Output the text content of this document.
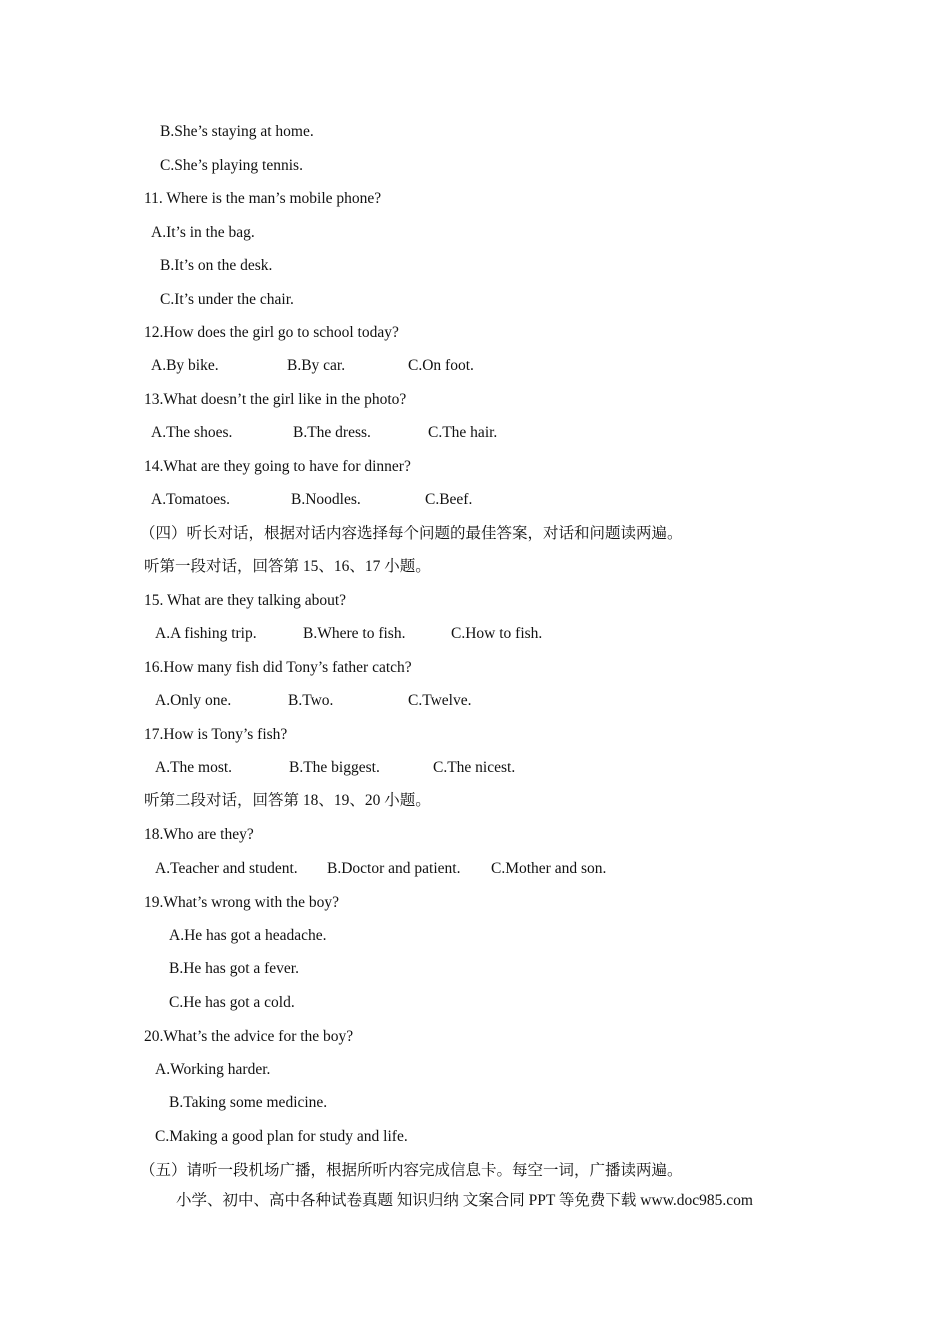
B.She’s staying at home.
C.She’s playing tennis.
11. Where is the man’s mobile phone?
A.It’s in the bag.
B.It’s on the desk.
C.It’s under the chair.
12.How does the girl go to school today?
A.By bike.	B.By car.	C.On foot.
13.What doesn’t the girl like in the photo?
A.The shoes.	B.The dress.	C.The hair.
14.What are they going to have for dinner?
A.Tomatoes.	B.Noodles.	C.Beef.
（四）听长对话，根据对话内容选择每个问题的最佳答案，对话和问题读两遍。
听第一段对话，回答第 15、16、17 小题。
15. What are they talking about?
A.A fishing trip.	B.Where to fish.	C.How to fish.
16.How many fish did Tony’s father catch?
A.Only one.	B.Two.	C.Twelve.
17.How is Tony’s fish?
A.The most.	B.The biggest.	C.The nicest.
听第二段对话，回答第 18、19、20 小题。
18.Who are they?
A.Teacher and student. B.Doctor and patient. C.Mother and son.
19.What’s wrong with the boy?
A.He has got a headache.
B.He has got a fever.
C.He has got a cold.
20.What’s the advice for the boy?
A.Working harder.
B.Taking some medicine.
C.Making a good plan for study and life.
（五）请听一段机场广播，根据所听内容完成信息卡。每空一词，广播读两遍。
小学、初中、高中各种试卷真题 知识归纳 文案合同 PPT 等免费下载 www.doc985.com
